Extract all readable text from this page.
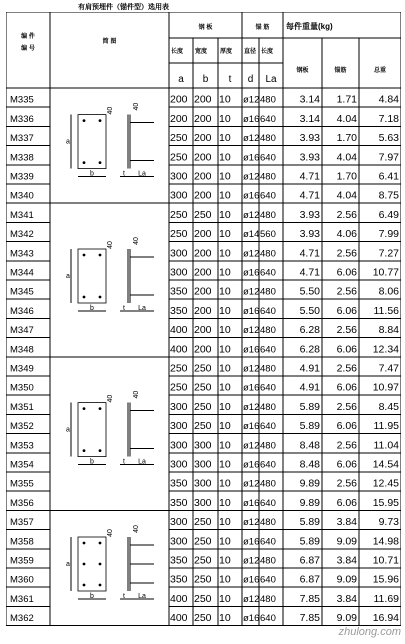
有肩预埋件（锚件型）选用表
编 件
编 号
简 图
钢 板	锚 筋 每件重量(kg)
钢板	锚筋	总重
长度 宽度 厚度 直径 长度
a b t d La
M335	200 200 10 ø12 480 3.14 1.71 4.84
M336	200 200 10 ø16 640 3.14 4.04 7.18
M337	250 200 10 ø12 480 3.93 1.70 5.63
M338	250 200 10 ø16 640 3.93 4.04 7.97
M339	300 200 10 ø12 480 4.71 1.70 6.41
M340	300 200 10 ø16 640 4.71 4.04 8.75
M341	250 250 10 ø12 480 3.93 2.56 6.49
M342	250 200 10 ø14 560 3.93 4.06 7.99
M343	300 200 10 ø12 480 4.71 2.56 7.27
M344	300 200 10 ø16 640 4.71 6.06 10.77
M345	350 200 10 ø12 480 5.50 2.56 8.06
M346	350 200 10 ø16 640 5.50 6.06 11.56
M347	400 200 10 ø12 480 6.28 2.56 8.84
M348	400 200 10 ø16 640 6.28 6.06 12.34
M349	250 250 10 ø12 480 4.91 2.56 7.47
M350	250 250 10 ø16 640 4.91 6.06 10.97
M351	300 250 10 ø12 480 5.89 2.56 8.45
M352	300 250 10 ø16 640 5.89 6.06 11.95
M353	300 300 10 ø12 480 8.48 2.56 11.04
M354	300 300 10 ø16 640 8.48 6.06 14.54
M355	350 300 10 ø12 480 9.89 2.56 12.45
M356	350 300 10 ø16 640 9.89 6.06 15.95
M357	300 250 10 ø12 480 5.89 3.84 9.73
M358	300 250 10 ø16 640 5.89 9.09 14.98
M359	350 250 10 ø12 480 6.87 3.84 10.71
M360	350 250 10 ø16 640 6.87 9.09 15.96
M361	400 250 10 ø12 480 7.85 3.84 11.69
M362	400 250 10 ø16 640 7.85 9.09 16.94
b
a
40
t La
40
b
a
40
t La
40
b
a
40
t La
40
b
a
40
t La
40
zhulong.com
